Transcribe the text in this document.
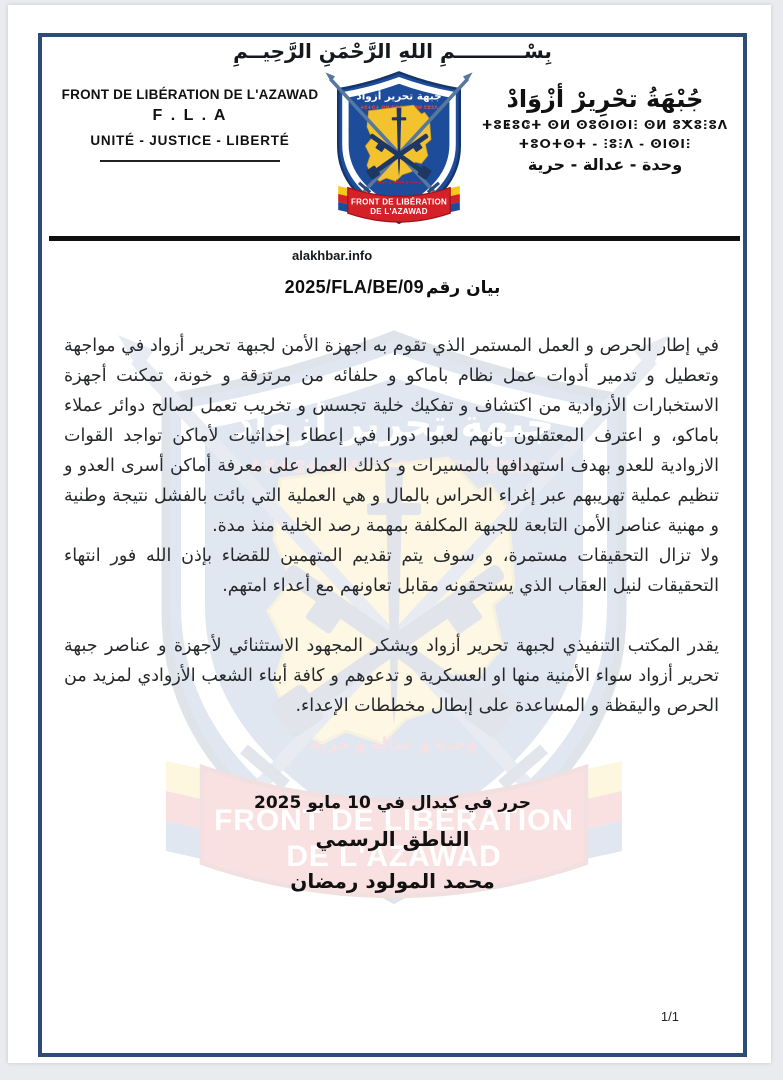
بِسْــــــــــمِ اللهِ الرَّحْمَنِ الرَّحِيــمِ
FRONT DE LIBÉRATION DE L'AZAWAD
F . L . A
UNITÉ - JUSTICE - LIBERTÉ
جُبْهَةُ تحْرِيرْ أزْوَادْ
ⵜⵓⵟⵓⵛⵜ ⵙⵍ ⵙⵓⵙⵏⵙⵏⵗ ⵙⵍ ⵓⵅⵓⵗⵓⴷ
ⵜⵓⵔⵜⵙⵜ - ⵗⵓⵗⴷ - ⵙⵏⵙⵏⵗ
وحدة - عدالة - حرية
alakhbar.info
2025/FLA/BE/09 بيان رقم

في إطار الحرص و العمل المستمر الذي تقوم به اجهزة الأمن لجبهة تحرير أزواد في مواجهة وتعطيل و تدمير أدوات عمل نظام باماكو و حلفائه من مرتزقة و خونة، تمكنت أجهزة الاستخبارات الأزوادية من اكتشاف و تفكيك خلية تجسس و تخريب تعمل لصالح دوائر عملاء باماكو، و اعترف المعتقلون بانهم لعبوا دورا في إعطاء إحداثيات لأماكن تواجد القوات الازوادية للعدو بهدف استهدافها بالمسيرات و كذلك العمل على معرفة أماكن أسرى العدو و تنظيم عملية تهريبهم عبر إغراء الحراس بالمال و هي العملية التي بائت بالفشل نتيجة وطنية و مهنية عناصر الأمن التابعة للجبهة المكلفة بمهمة رصد الخلية منذ مدة.

ولا تزال التحقيقات مستمرة، و سوف يتم تقديم المتهمين للقضاء بإذن الله فور انتهاء التحقيقات لنيل العقاب الذي يستحقونه مقابل تعاونهم مع أعداء امتهم.

يقدر المكتب التنفيذي لجبهة تحرير أزواد ويشكر المجهود الاستثنائي لأجهزة و عناصر جبهة تحرير أزواد سواء الأمنية منها او العسكرية و تدعوهم و كافة أبناء الشعب الأزوادي لمزيد من الحرص واليقظة و المساعدة على إبطال مخططات الإعداء.

حرر في كيدال في 10 مايو 2025
الناطق الرسمي
محمد المولود رمضان
1/1
